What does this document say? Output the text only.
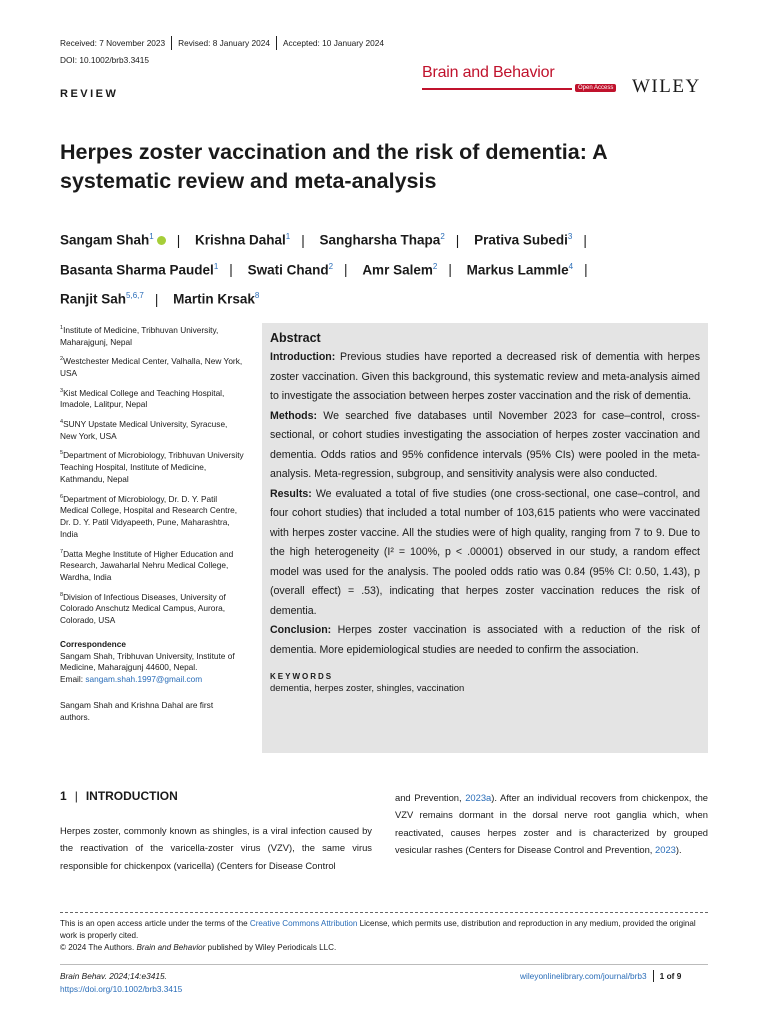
Received: 7 November 2023 Revised: 8 January 2024 Accepted: 10 January 2024
DOI: 10.1002/brb3.3415
Brain and Behavior
Open Access WILEY
REVIEW
Herpes zoster vaccination and the risk of dementia: A systematic review and meta-analysis
Sangam Shah$^1$ | Krishna Dahal$^1$ | Sangharsha Thapa$^2$ | Prativa Subedi$^3$ |
Basanta Sharma Paudel$^1$ | Swati Chand$^2$ | Amr Salem$^2$ | Markus Lammle$^4$ |
Ranjit Sah$^{5,6,7}$ | Martin Krsak$^8$

$^1$Institute of Medicine, Tribhuvan University, Maharajgunj, Nepal

$^2$Westchester Medical Center, Valhalla, New York, USA

$^3$Kist Medical College and Teaching Hospital, Imadole, Lalitpur, Nepal

$^4$SUNY Upstate Medical University, Syracuse, New York, USA

$^5$Department of Microbiology, Tribhuvan University Teaching Hospital, Institute of Medicine, Kathmandu, Nepal

$^6$Department of Microbiology, Dr. D. Y. Patil Medical College, Hospital and Research Centre, Dr. D. Y. Patil Vidyapeeth, Pune, Maharashtra, India

$^7$Datta Meghe Institute of Higher Education and Research, Jawaharlal Nehru Medical College, Wardha, India

$^8$Division of Infectious Diseases, University of Colorado Anschutz Medical Campus, Aurora, Colorado, USA

Correspondence
Sangam Shah, Tribhuvan University, Institute of Medicine, Maharajgunj 44600, Nepal.
Email: sangam.shah.1997@gmail.com
Sangam Shah and Krishna Dahal are first authors.
Abstract

Introduction: Previous studies have reported a decreased risk of dementia with herpes zoster vaccination. Given this background, this systematic review and meta-analysis aimed to investigate the association between herpes zoster vaccination and the risk of dementia.

Methods: We searched five databases until November 2023 for case–control, cross-sectional, or cohort studies investigating the association of herpes zoster vaccination and dementia. Odds ratios and 95% confidence intervals (95% CIs) were pooled in the meta-analysis. Meta-regression, subgroup, and sensitivity analysis were also conducted.

Results: We evaluated a total of five studies (one cross-sectional, one case–control, and four cohort studies) that included a total number of 103,615 patients who were vaccinated with herpes zoster vaccine. All the studies were of high quality, ranging from 7 to 9. Due to the high heterogeneity (I² = 100%, p < .00001) observed in our study, a random effect model was used for the analysis. The pooled odds ratio was 0.84 (95% CI: 0.50, 1.43), p (overall effect) = .53), indicating that herpes zoster vaccination reduces the risk of dementia.

Conclusion: Herpes zoster vaccination is associated with a reduction of the risk of dementia. More epidemiological studies are needed to confirm the association.

KEYWORDS
dementia, herpes zoster, shingles, vaccination
1 | INTRODUCTION
Herpes zoster, commonly known as shingles, is a viral infection caused by the reactivation of the varicella-zoster virus (VZV), the same virus responsible for chickenpox (varicella) (Centers for Disease Control
and Prevention, 2023a). After an individual recovers from chickenpox, the VZV remains dormant in the dorsal nerve root ganglia which, when reactivated, causes herpes zoster and is characterized by grouped vesicular rashes (Centers for Disease Control and Prevention, 2023).
This is an open access article under the terms of the Creative Commons Attribution License, which permits use, distribution and reproduction in any medium, provided the original work is properly cited.
© 2024 The Authors. Brain and Behavior published by Wiley Periodicals LLC.
Brain Behav. 2024;14:e3415.
https://doi.org/10.1002/brb3.3415
wileyonlinelibrary.com/journal/brb3 1 of 9
